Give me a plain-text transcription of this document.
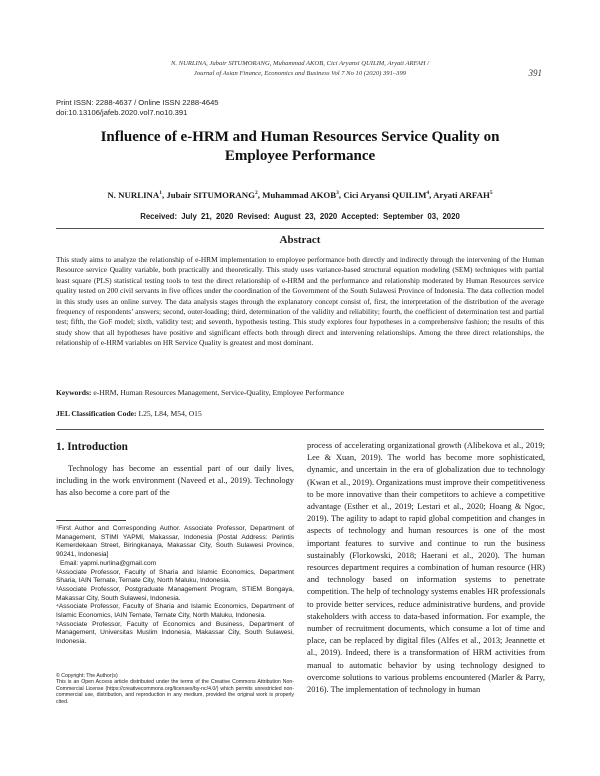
N. NURLINA, Jubair SITUMORANG, Muhammad AKOB, Cici Aryansi QUILIM, Aryati ARFAH /
Journal of Asian Finance, Economics and Business Vol 7 No 10 (2020) 391–399	391
Print ISSN: 2288-4637 / Online ISSN 2288-4645
doi:10.13106/jafeb.2020.vol7.no10.391
Influence of e-HRM and Human Resources Service Quality on
Employee Performance
N. NURLINA$^1$, Jubair SITUMORANG$^2$, Muhammad AKOB$^3$, Cici Aryansi QUILIM$^4$, Aryati ARFAH$^5$
Received: July 21, 2020 Revised: August 23, 2020 Accepted: September 03, 2020
Abstract
This study aims to analyze the relationship of e-HRM implementation to employee performance both directly and indirectly through the intervening of the Human Resource service Quality variable, both practically and theoretically. This study uses variance-based structural equation modeling (SEM) techniques with partial least square (PLS) statistical testing tools to test the direct relationship of e-HRM and the performance and relationship moderated by Human Resources service quality tested on 200 civil servants in five offices under the coordination of the Government of the South Sulawesi Province of Indonesia. The data collection model in this study uses an online survey. The data analysis stages through the explanatory concept consist of, first, the interpretation of the distribution of the average frequency of respondents’ answers; second, outer-loading; third, determination of the validity and reliability; fourth, the coefficient of determination test and partial test; fifth, the GoF model; sixth, validity test; and seventh, hypothesis testing. This study explores four hypotheses in a comprehensive fashion; the results of this study show that all hypotheses have positive and significant effects both through direct and intervening relationships. Among the three direct relationships, the relationship of e-HRM variables on HR Service Quality is greatest and most dominant.
Keywords: e-HRM, Human Resources Management, Service-Quality, Employee Performance
JEL Classification Code: L25, L84, M54, O15
1. Introduction
Technology has become an essential part of our daily lives, including in the work environment (Naveed et al., 2019). Technology has also become a core part of the

¹First Author and Corresponding Author. Associate Professor, Department of Management, STIMI YAPMI, Makassar, Indonesia [Postal Address: Perintis Kemerdekaan Street, Biringkanaya, Makassar City, South Sulawesi Province, 90241, Indonesia]

Email: yapmi.nurlina@gmail.com

²Associate Professor, Faculty of Sharia and Islamic Economics, Department Sharia, IAIN Ternate, Ternate City, North Maluku, Indonesia.

³Associate Professor, Postgraduate Management Program, STIEM Bongaya, Makassar City, South Sulawesi, Indonesia.

⁴Associate Professor, Faculty of Sharia and Islamic Economics, Department of Islamic Economics, IAIN Ternate, Ternate City, North Maluku, Indonesia.

⁵Associate Professor, Faculty of Economics and Business, Department of Management, Universitas Muslim Indonesia, Makassar City, South Sulawesi, Indonesia.

© Copyright: The Author(s)
This is an Open Access article distributed under the terms of the Creative Commons Attribution Non-Commercial License (https://creativecommons.org/licenses/by-nc/4.0/) which permits unrestricted non-commercial use, distribution, and reproduction in any medium, provided the original work is properly cited.
process of accelerating organizational growth (Alibekova et al., 2019; Lee & Xuan, 2019). The world has become more sophisticated, dynamic, and uncertain in the era of globalization due to technology (Kwan et al., 2019). Organizations must improve their competitiveness to be more innovative than their competitors to achieve a competitive advantage (Esther et al., 2019; Lestari et al., 2020; Hoang & Ngoc, 2019). The agility to adapt to rapid global competition and changes in aspects of technology and human resources is one of the most important features to survive and continue to run the business sustainably (Florkowski, 2018; Haerani et al., 2020). The human resources department requires a combination of human resource (HR) and technology based on information systems to penetrate competition. The help of technology systems enables HR professionals to provide better services, reduce administrative burdens, and provide stakeholders with access to data-based information. For example, the number of recruitment documents, which consume a lot of time and place, can be replaced by digital files (Alfes et al., 2013; Jeannette et al., 2019). Indeed, there is a transformation of HRM activities from manual to automatic behavior by using technology designed to overcome solutions to various problems encountered (Marler & Parry, 2016). The implementation of technology in human
